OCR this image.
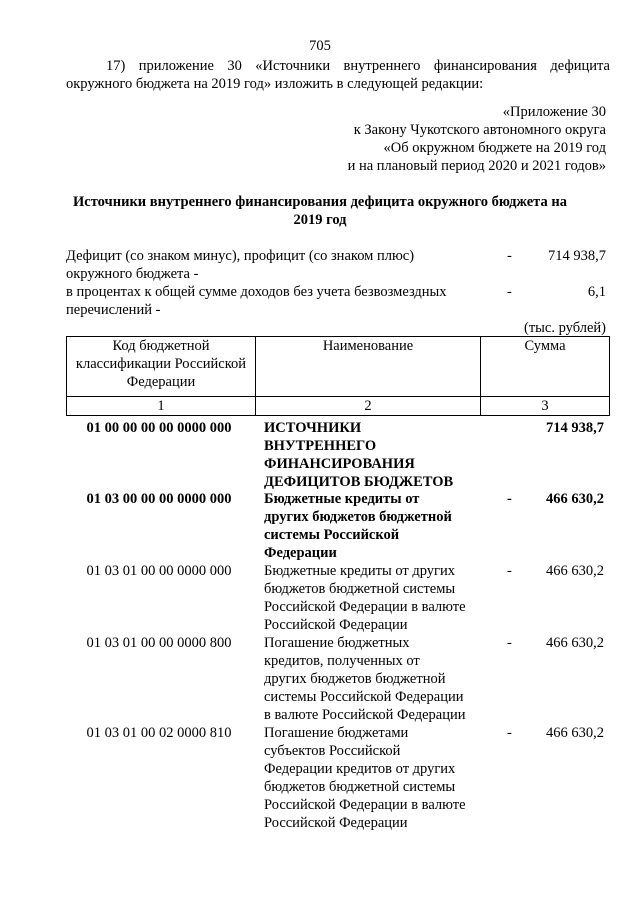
705
17) приложение 30 «Источники внутреннего финансирования дефицита
окружного бюджета на 2019 год» изложить в следующей редакции:
«Приложение 30
к Закону Чукотского автономного округа
«Об окружном бюджете на 2019 год
и на плановый период 2020 и 2021 годов»
Источники внутреннего финансирования дефицита окружного бюджета на
2019 год
Дефицит (со знаком минус), профицит (со знаком плюс)
окружного бюджета -
- 714 938,7
в процентах к общей сумме доходов без учета безвозмездных
перечислений -
-	6,1
(тыс. рублей)
Код бюджетной
классификации Российской
Федерации	Наименование	Сумма
1	2	3
01 00 00 00 00 0000 000	ИСТОЧНИКИ
ВНУТРЕННЕГО
ФИНАНСИРОВАНИЯ
ДЕФИЦИТОВ БЮДЖЕТОВ
714 938,7
01 03 00 00 00 0000 000	Бюджетные кредиты от
других бюджетов бюджетной
системы Российской
Федерации
- 466 630,2
01 03 01 00 00 0000 000	Бюджетные кредиты от других
бюджетов бюджетной системы
Российской Федерации в валюте
Российской Федерации
- 466 630,2
01 03 01 00 00 0000 800	Погашение бюджетных
кредитов, полученных от
других бюджетов бюджетной
системы Российской Федерации
в валюте Российской Федерации
- 466 630,2
01 03 01 00 02 0000 810	Погашение бюджетами
субъектов Российской
Федерации кредитов от других
бюджетов бюджетной системы
Российской Федерации в валюте
Российской Федерации
- 466 630,2
